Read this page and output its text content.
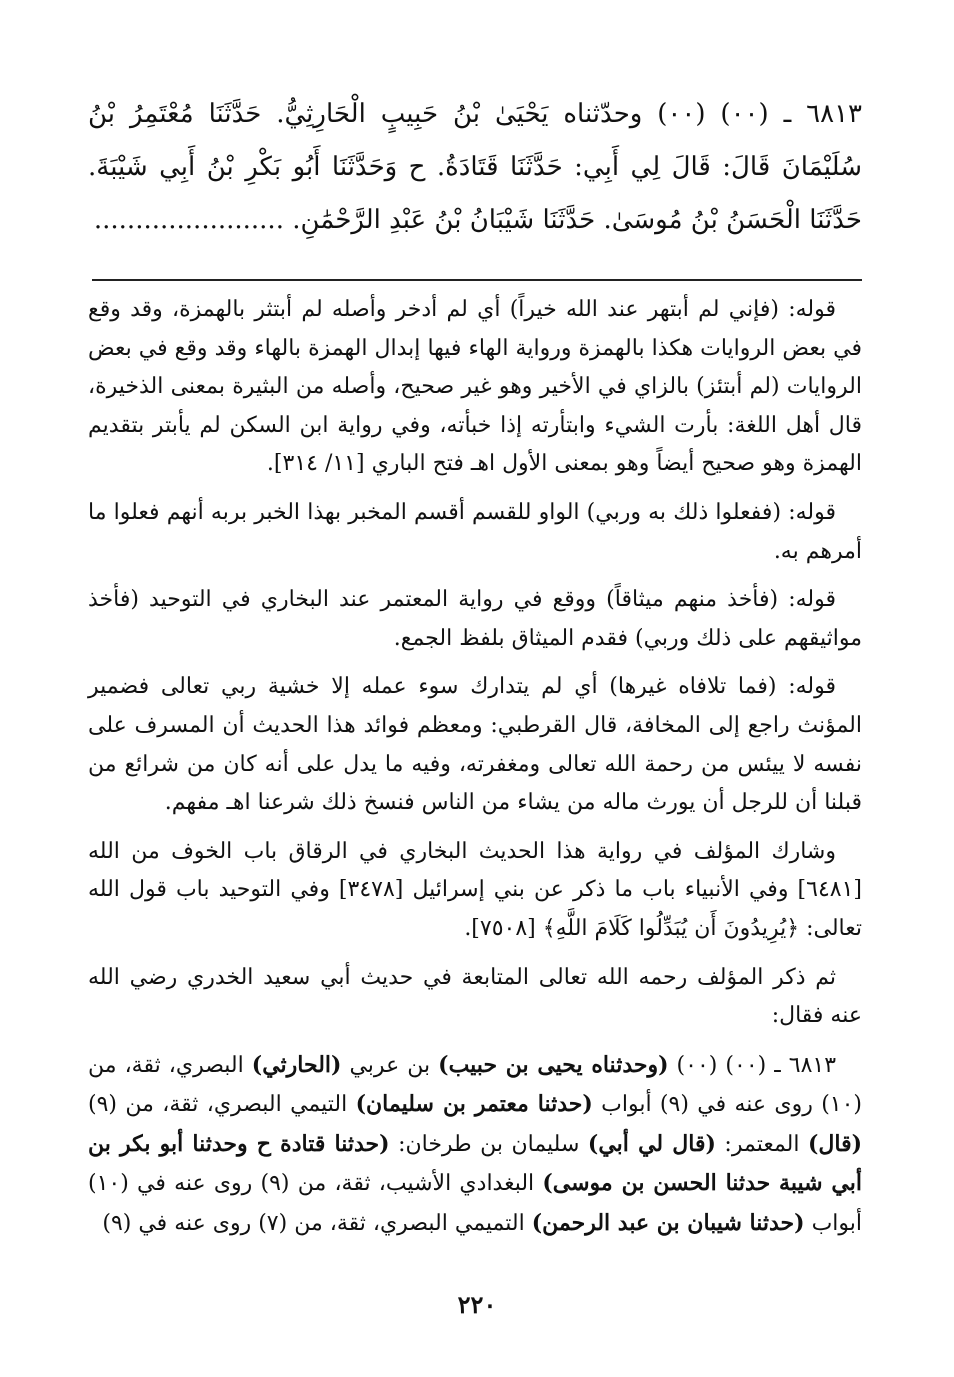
٦٨١٣ ـ (٠٠) (٠٠) وحدّثناه يَحْيَىٰ بْنُ حَبِيبٍ الْحَارِثِيُّ. حَدَّثَنَا مُعْتَمِرُ بْنُ سُلَيْمَانَ قَالَ: قَالَ لِي أَبِي: حَدَّثَنَا قَتَادَةُ. ح وَحَدَّثَنَا أَبُو بَكْرِ بْنُ أَبِي شَيْبَةَ. حَدَّثَنَا الْحَسَنُ بْنُ مُوسَىٰ. حَدَّثَنَا شَيْبَانُ بْنُ عَبْدِ الرَّحْمَٰنِ. .......................

قوله: (فإني لم أبتهر عند الله خيراً) أي لم أدخر وأصله لم أبتثر بالهمزة، وقد وقع في بعض الروايات هكذا بالهمزة ورواية الهاء فيها إبدال الهمزة بالهاء وقد وقع في بعض الروايات (لم أبتئز) بالزاي في الأخير وهو غير صحيح، وأصله من البثيرة بمعنى الذخيرة، قال أهل اللغة: بأرت الشيء وابتأرته إذا خبأته، وفي رواية ابن السكن لم يأبتر بتقديم الهمزة وهو صحيح أيضاً وهو بمعنى الأول اهـ فتح الباري [١١/ ٣١٤].

قوله: (ففعلوا ذلك به وربي) الواو للقسم أقسم المخبر بهذا الخبر بربه أنهم فعلوا ما أمرهم به.

قوله: (فأخذ منهم ميثاقاً) ووقع في رواية المعتمر عند البخاري في التوحيد (فأخذ مواثيقهم على ذلك وربي) فقدم الميثاق بلفظ الجمع.

قوله: (فما تلافاه غيرها) أي لم يتدارك سوء عمله إلا خشية ربي تعالى فضمير المؤنث راجع إلى المخافة، قال القرطبي: ومعظم فوائد هذا الحديث أن المسرف على نفسه لا ييئس من رحمة الله تعالى ومغفرته، وفيه ما يدل على أنه كان من شرائع من قبلنا أن للرجل أن يورث ماله من يشاء من الناس فنسخ ذلك شرعنا اهـ مفهم.

وشارك المؤلف في رواية هذا الحديث البخاري في الرقاق باب الخوف من الله [٦٤٨١] وفي الأنبياء باب ما ذكر عن بني إسرائيل [٣٤٧٨] وفي التوحيد باب قول الله تعالى: ﴿يُرِيدُونَ أَن يُبَدِّلُوا كَلَامَ اللَّهِ﴾ [٧٥٠٨].

ثم ذكر المؤلف رحمه الله تعالى المتابعة في حديث أبي سعيد الخدري رضي الله عنه فقال:

٦٨١٣ ـ (٠٠) (٠٠) (وحدثناه يحيى بن حبيب) بن عربي (الحارثي) البصري، ثقة، من (١٠) روى عنه في (٩) أبواب (حدثنا معتمر بن سليمان) التيمي البصري، ثقة، من (٩) (قال) المعتمر: (قال لي أبي) سليمان بن طرخان: (حدثنا قتادة ح وحدثنا أبو بكر بن أبي شيبة حدثنا الحسن بن موسى) البغدادي الأشيب، ثقة، من (٩) روى عنه في (١٠) أبواب (حدثنا شيبان بن عبد الرحمن) التميمي البصري، ثقة، من (٧) روى عنه في (٩)

٢٢٠
